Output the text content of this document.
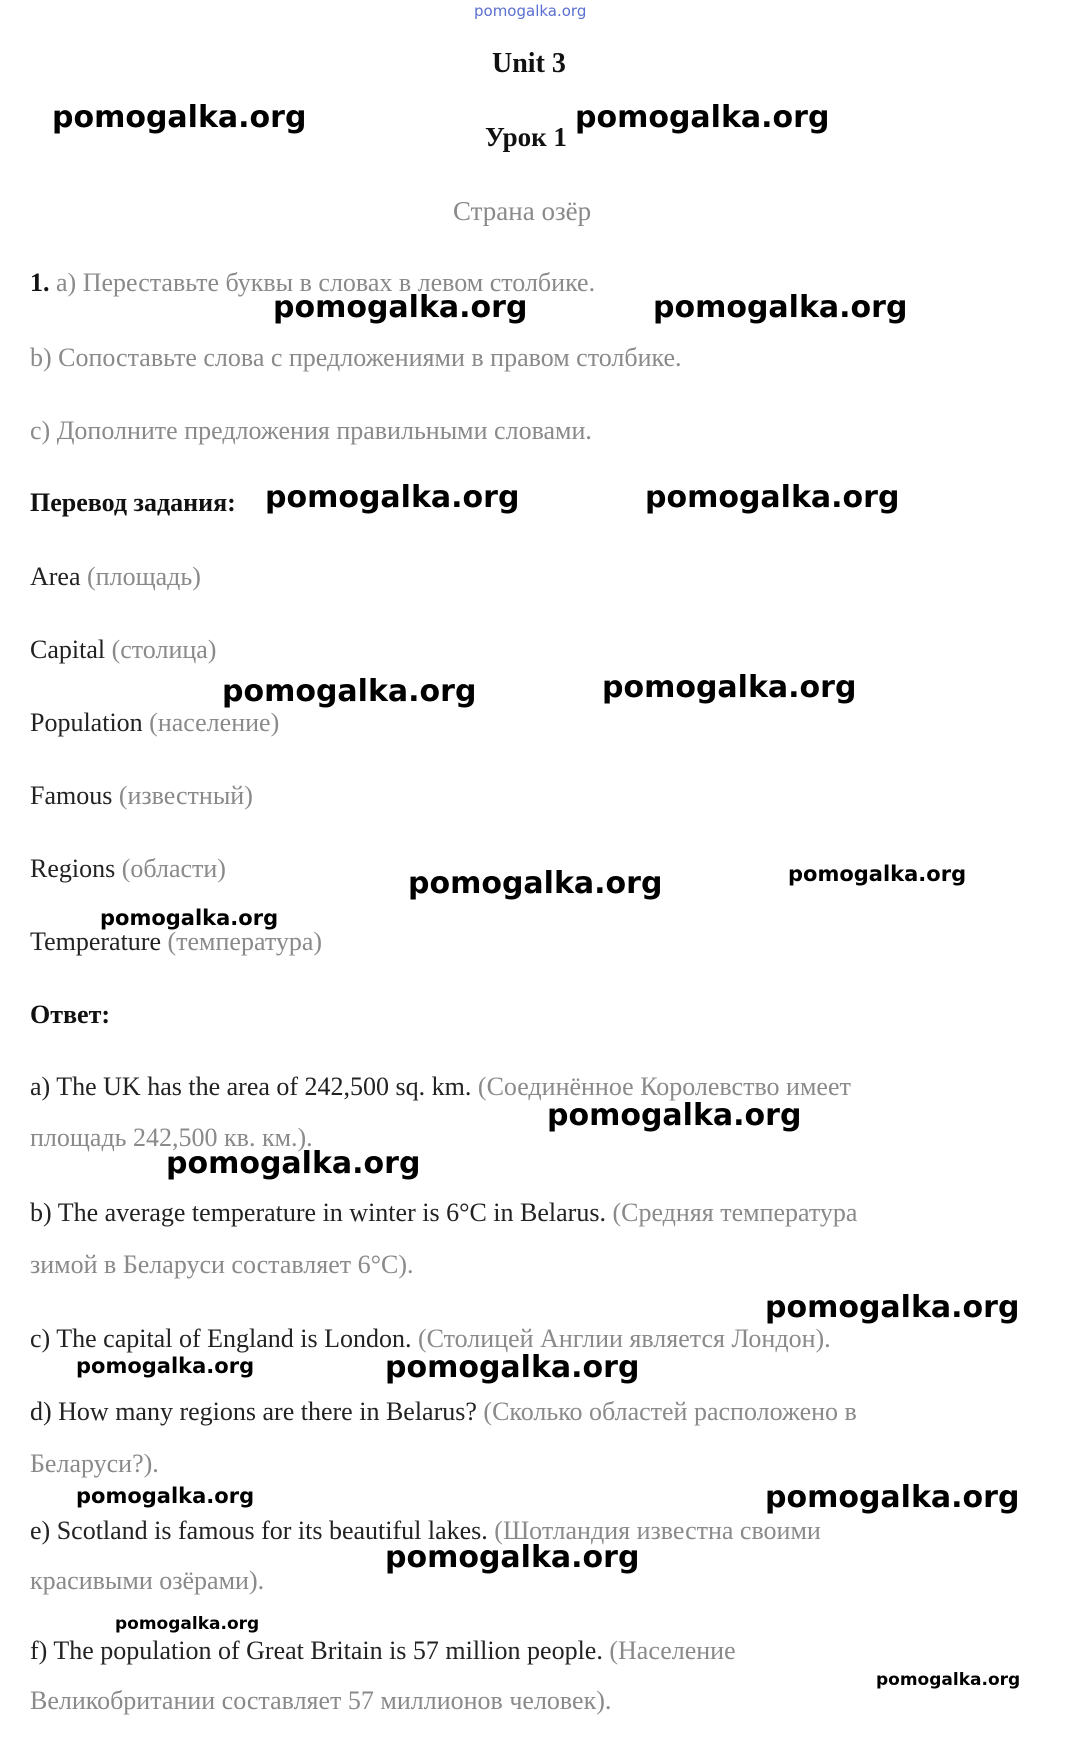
pomogalka.org
Unit 3
Урок 1
Страна озёр
1. a) Переставьте буквы в словах в левом столбике.
b) Сопоставьте слова с предложениями в правом столбике.
c) Дополните предложения правильными словами.
Перевод задания:
Area (площадь)
Capital (столица)
Population (население)
Famous (известный)
Regions (области)
Temperature (температура)
Ответ:
a) The UK has the area of 242,500 sq. km. (Соединённое Королевство имеет
площадь 242,500 кв. км.).
b) The average temperature in winter is 6°C in Belarus. (Средняя температура
зимой в Беларуси составляет 6°С).
c) The capital of England is London. (Столицей Англии является Лондон).
d) How many regions are there in Belarus? (Сколько областей расположено в
Беларуси?).
e) Scotland is famous for its beautiful lakes. (Шотландия известна своими
красивыми озёрами).
f) The population of Great Britain is 57 million people. (Население
Великобритании составляет 57 миллионов человек).
pomogalka.org	pomogalka.org
pomogalka.org	pomogalka.org
pomogalka.org	pomogalka.org
pomogalka.org	pomogalka.org
pomogalka.org	pomogalka.org
pomogalka.org
pomogalka.org
pomogalka.org
pomogalka.org
pomogalka.org	pomogalka.org
pomogalka.org	pomogalka.org
pomogalka.org
pomogalka.org
pomogalka.org
